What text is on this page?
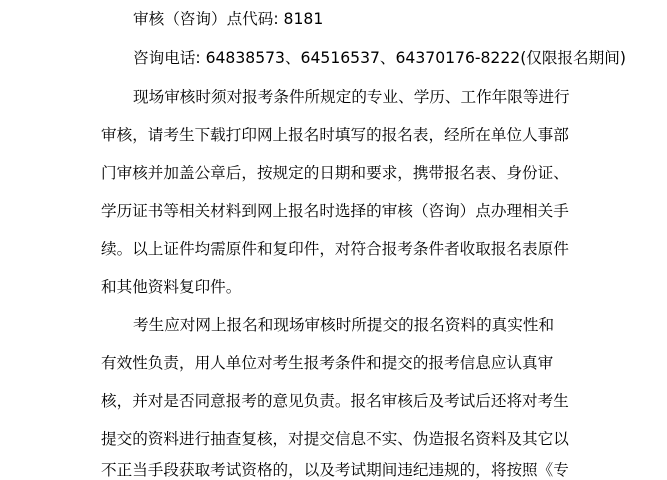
审核（咨询）点代码: 8181
咨询电话: 64838573、64516537、64370176-8222(仅限报名期间)
现场审核时须对报考条件所规定的专业、学历、工作年限等进行
审核，请考生下载打印网上报名时填写的报名表，经所在单位人事部
门审核并加盖公章后，按规定的日期和要求，携带报名表、身份证、
学历证书等相关材料到网上报名时选择的审核（咨询）点办理相关手
续。以上证件均需原件和复印件，对符合报考条件者收取报名表原件
和其他资料复印件。
考生应对网上报名和现场审核时所提交的报名资料的真实性和
有效性负责，用人单位对考生报考条件和提交的报考信息应认真审
核，并对是否同意报考的意见负责。报名审核后及考试后还将对考生
提交的资料进行抽查复核，对提交信息不实、伪造报名资料及其它以
不正当手段获取考试资格的，以及考试期间违纪违规的，将按照《专
